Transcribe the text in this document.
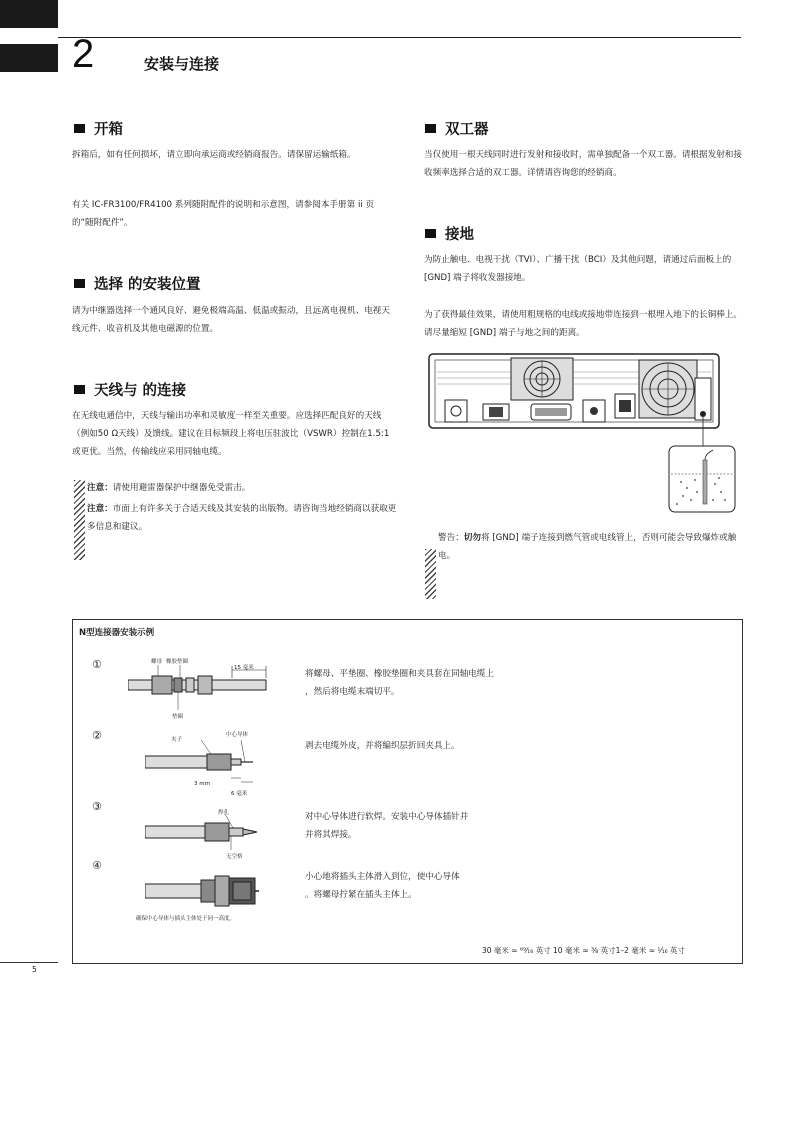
2	安装与连接
开箱
拆箱后，如有任何损坏，请立即向承运商或经销商报告。请保留运输纸箱。
有关 IC-FR3100/FR4100 系列随附配件的说明和示意图，请参阅本手册第 ii 页的“随附配件”。
选择 的安装位置
请为中继器选择一个通风良好、避免极端高温、低温或振动，且远离电视机、电视天线元件、收音机及其他电磁源的位置。
天线与 的连接
在无线电通信中，天线与输出功率和灵敏度一样至关重要。应选择匹配良好的天线（例如50 Ω天线）及馈线。建议在目标频段上将电压驻波比（VSWR）控制在1.5:1或更优。当然，传输线应采用同轴电缆。
注意：请使用避雷器保护中继器免受雷击。
注意：市面上有许多关于合适天线及其安装的出版物。请咨询当地经销商以获取更多信息和建议。
双工器
当仅使用一根天线同时进行发射和接收时，需单独配备一个双工器。请根据发射和接收频率选择合适的双工器。详情请咨询您的经销商。
接地
为防止触电、电视干扰（TVI）、广播干扰（BCI）及其他问题，请通过后面板上的 [GND] 端子将收发器接地。
为了获得最佳效果，请使用粗规格的电线或接地带连接到一根埋入地下的长铜棒上。请尽量缩短 [GND] 端子与地之间的距离。
警告：切勿将 [GND] 端子连接到燃气管或电线管上，否则可能会导致爆炸或触电。
N型连接器安装示例
①	螺母 橡胶垫圈
15 毫米
垫圈
将螺母、平垫圈、橡胶垫圈和夹具套在同轴电缆上
，然后将电缆末端切平。
②	夹子
中心导体
3 mm
6 毫米
剥去电缆外皮，并将编织层折回夹具上。
③	焊孔
无空格
对中心导体进行软焊。安装中心导体插针并
并将其焊接。
④
确保中心导体与插头主体处于同一高度。
小心地将插头主体滑入到位，使中心导体
。将螺母拧紧在插头主体上。
30 毫米 ≈ ⁶⁹⁄₁₆ 英寸 10 毫米 ≈ ³⁄₈ 英寸1–2 毫米 ≈ ¹⁄₁₆ 英寸
5
